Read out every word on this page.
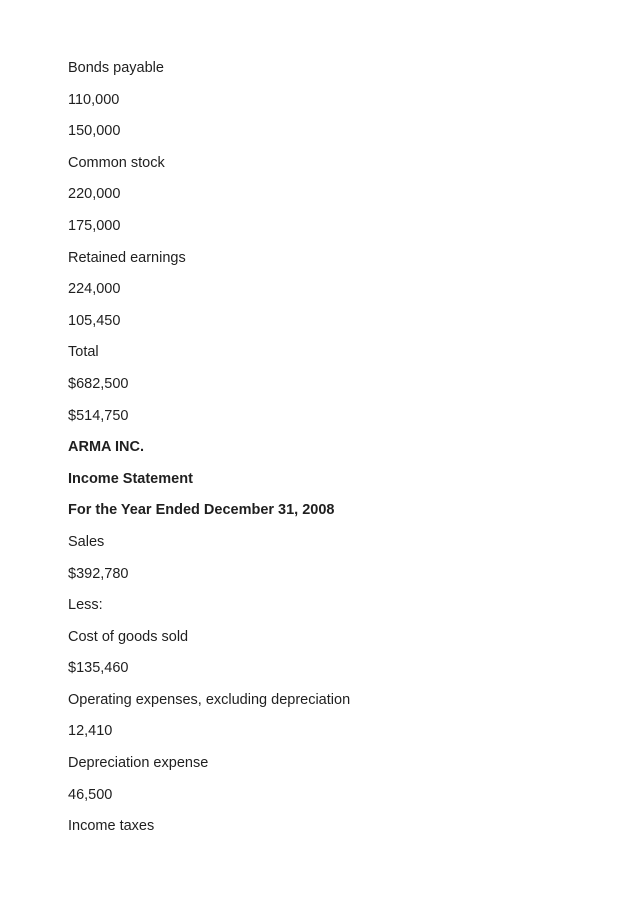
Bonds payable
110,000
150,000
Common stock
220,000
175,000
Retained earnings
224,000
105,450
Total
$682,500
$514,750
ARMA INC.
Income Statement
For the Year Ended December 31, 2008
Sales
$392,780
Less:
Cost of goods sold
$135,460
Operating expenses, excluding depreciation
12,410
Depreciation expense
46,500
Income taxes
